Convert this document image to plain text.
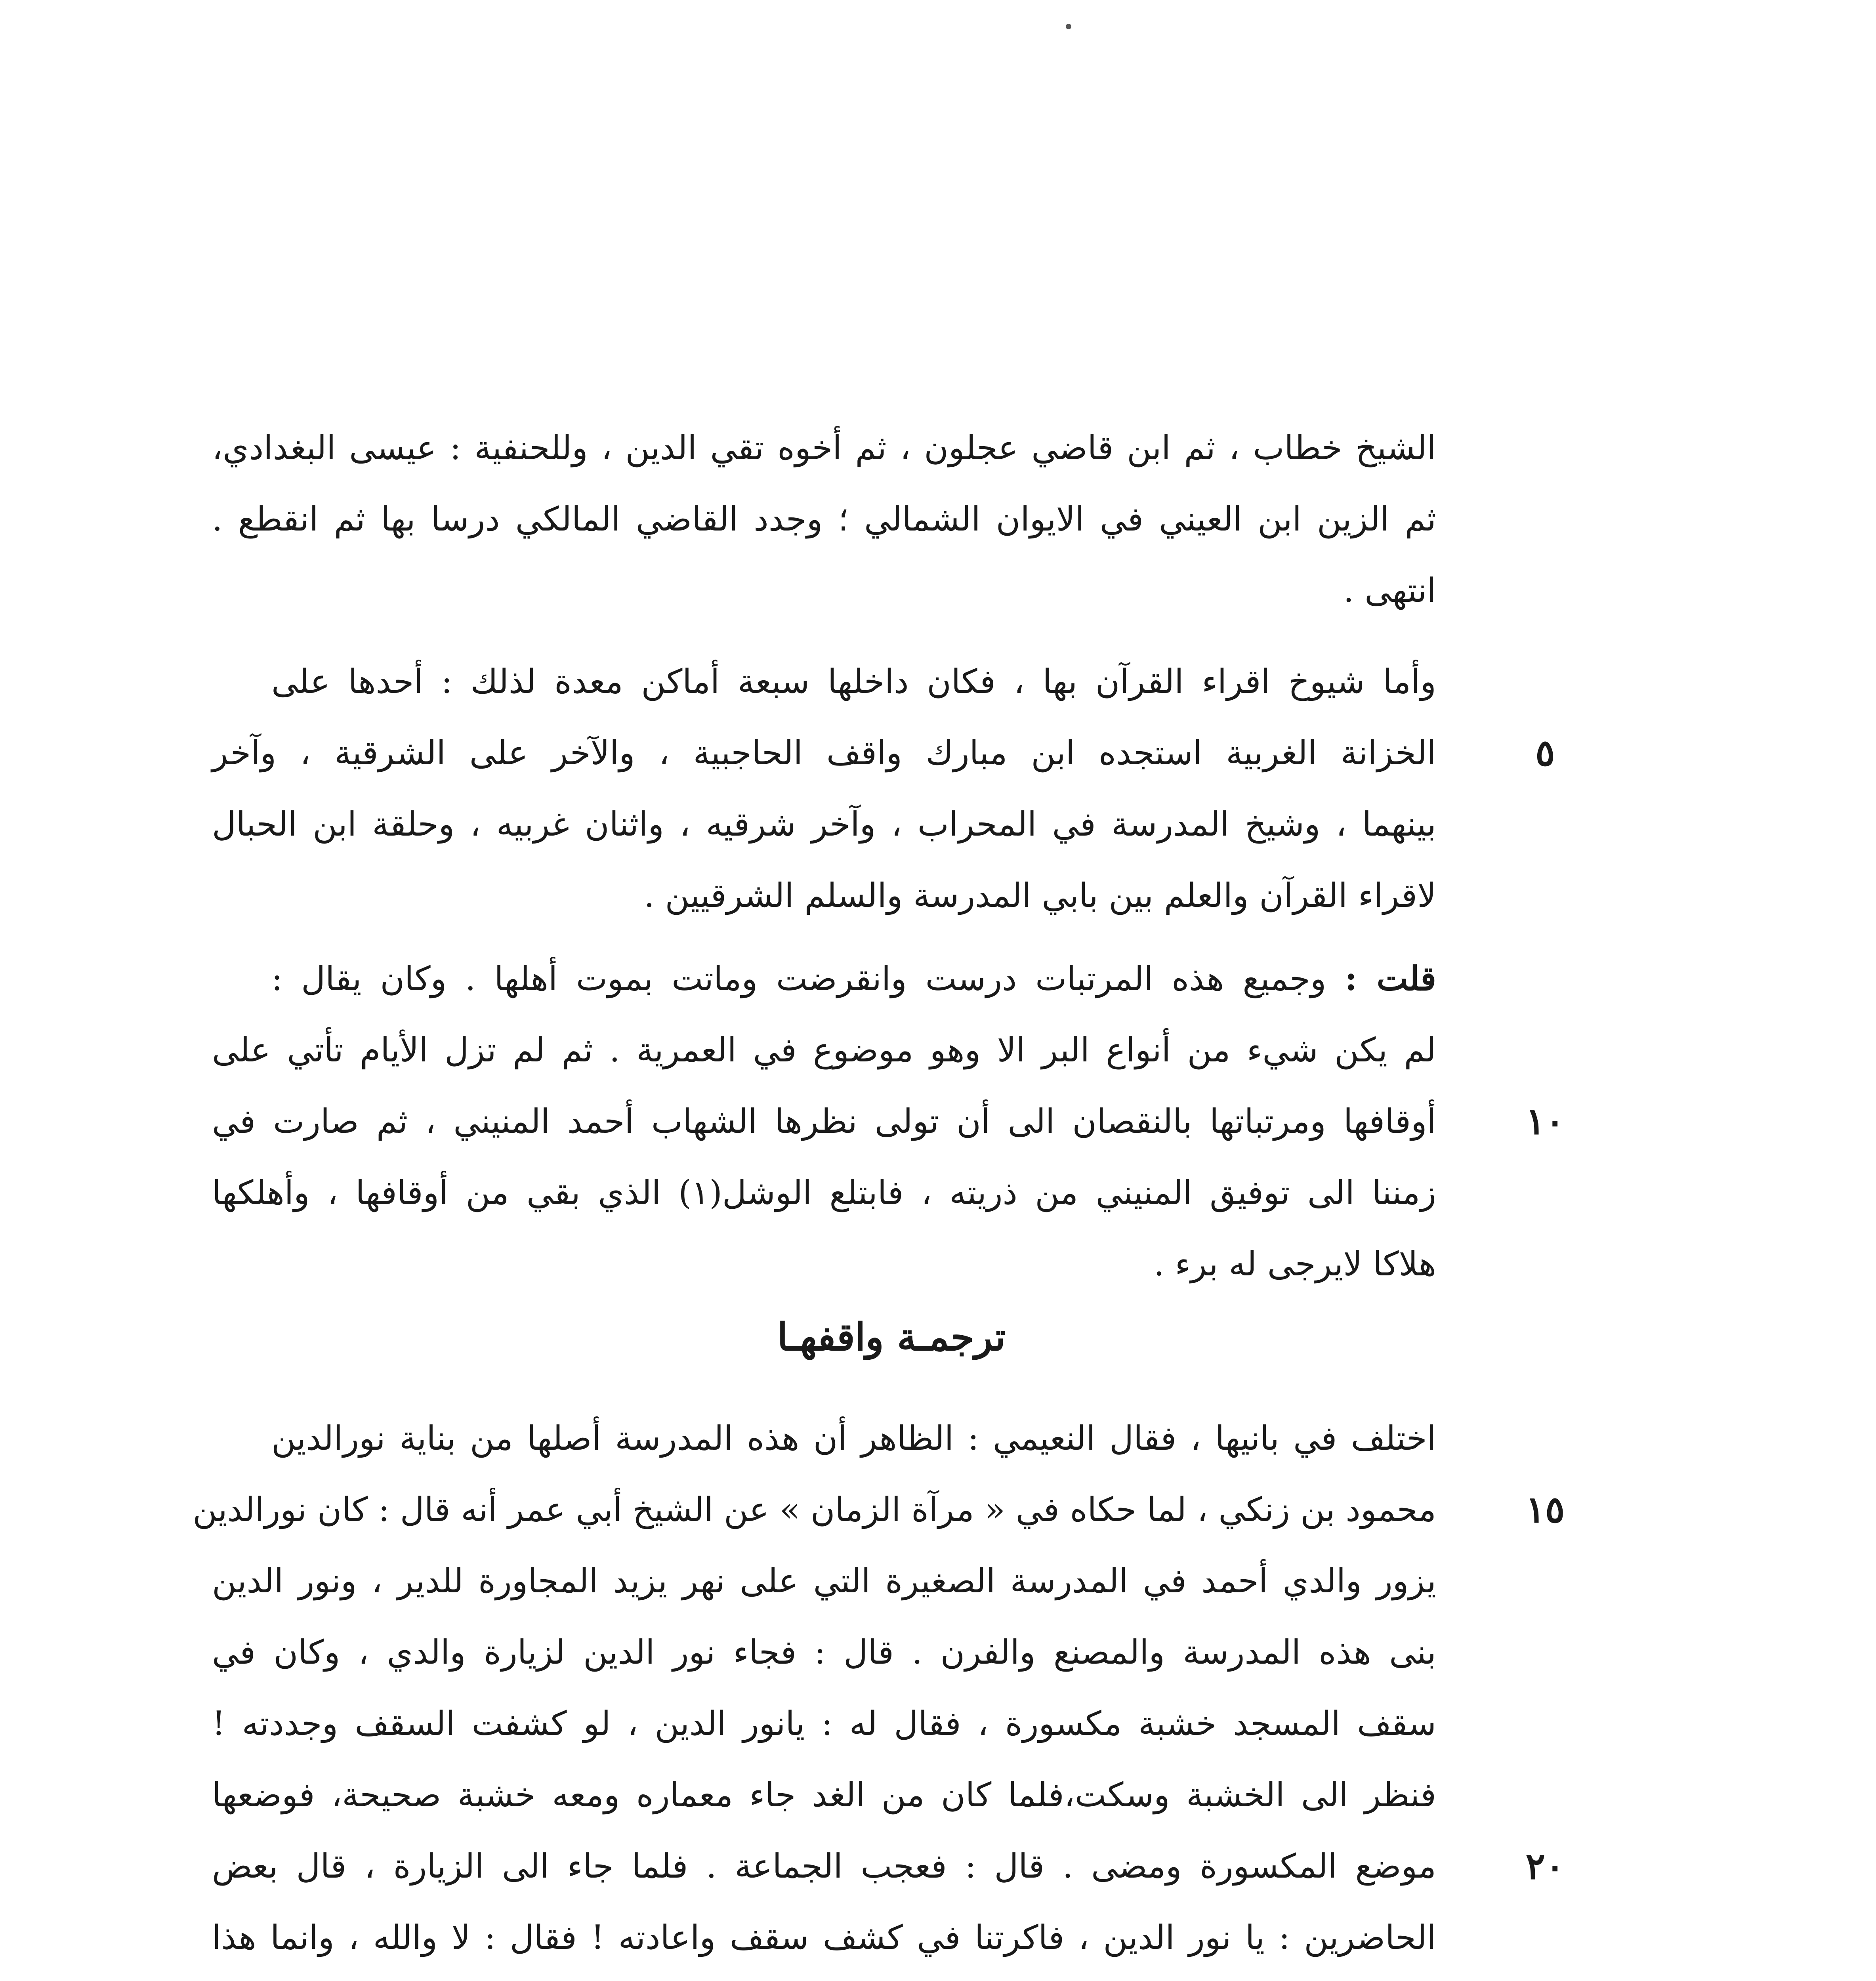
الشيخ خطاب ، ثم ابن قاضي عجلون ، ثم أخوه تقي الدين ، وللحنفية : عيسى البغدادي،
ثم الزين ابن العيني في الايوان الشمالي ؛ وجدد القاضي المالكي درسا بها ثم انقطع .
انتهى .
وأما شيوخ اقراء القرآن بها ، فكان داخلها سبعة أماكن معدة لذلك : أحدها على
الخزانة الغربية استجده ابن مبارك واقف الحاجبية ، والآخر على الشرقية ، وآخر
بينهما ، وشيخ المدرسة في المحراب ، وآخر شرقيه ، واثنان غربيه ، وحلقة ابن الحبال
لاقراء القرآن والعلم بين بابي المدرسة والسلم الشرقيين .
قلت : وجميع هذه المرتبات درست وانقرضت وماتت بموت أهلها . وكان يقال :
لم يكن شيء من أنواع البر الا وهو موضوع في العمرية . ثم لم تزل الأيام تأتي على
أوقافها ومرتباتها بالنقصان الى أن تولى نظرها الشهاب أحمد المنيني ، ثم صارت في
زمننا الى توفيق المنيني من ذريته ، فابتلع الوشل(١) الذي بقي من أوقافها ، وأهلكها
هلاكا لايرجى له برء .
ترجمـة واقفهـا
اختلف في بانيها ، فقال النعيمي : الظاهر أن هذه المدرسة أصلها من بناية نورالدين
محمود بن زنكي ، لما حكاه في « مرآة الزمان » عن الشيخ أبي عمر أنه قال : كان نورالدين
يزور والدي أحمد في المدرسة الصغيرة التي على نهر يزيد المجاورة للدير ، ونور الدين
بنى هذه المدرسة والمصنع والفرن . قال : فجاء نور الدين لزيارة والدي ، وكان في
سقف المسجد خشبة مكسورة ، فقال له : يانور الدين ، لو كشفت السقف وجددته !
فنظر الى الخشبة وسكت،فلما كان من الغد جاء معماره ومعه خشبة صحيحة، فوضعها
موضع المكسورة ومضى . قال : فعجب الجماعة . فلما جاء الى الزيارة ، قال بعض
الحاضرين : يا نور الدين ، فاكرتنا في كشف سقف واعادته ! فقال : لا والله ، وانما هذا
٥
١٠
١٥
٢٠
